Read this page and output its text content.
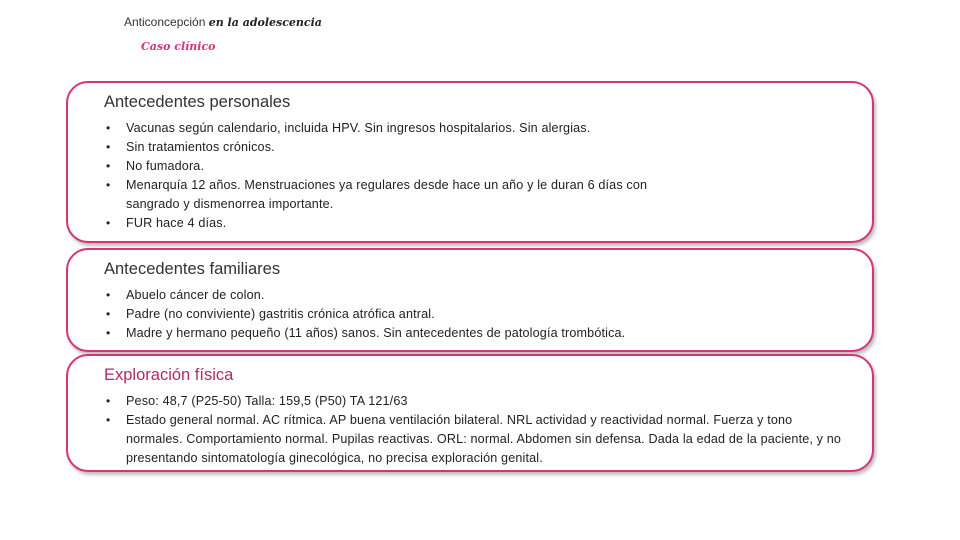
Anticoncepción en la adolescencia
Caso clínico
Antecedentes personales
• Vacunas según calendario, incluida HPV. Sin ingresos hospitalarios. Sin alergias.
• Sin tratamientos crónicos.
• No fumadora.
• Menarquía 12 años. Menstruaciones ya regulares desde hace un año y le duran 6 días con sangrado y dismenorrea importante.
• FUR hace 4 días.
Antecedentes familiares
• Abuelo cáncer de colon.
• Padre (no conviviente) gastritis crónica atrófica antral.
• Madre y hermano pequeño (11 años) sanos. Sin antecedentes de patología trombótica.
Exploración física
• Peso: 48,7 (P25-50) Talla: 159,5 (P50) TA 121/63
• Estado general normal. AC rítmica. AP buena ventilación bilateral. NRL actividad y reactividad normal. Fuerza y tono normales. Comportamiento normal. Pupilas reactivas. ORL: normal. Abdomen sin defensa. Dada la edad de la paciente, y no presentando sintomatología ginecológica, no precisa exploración genital.
